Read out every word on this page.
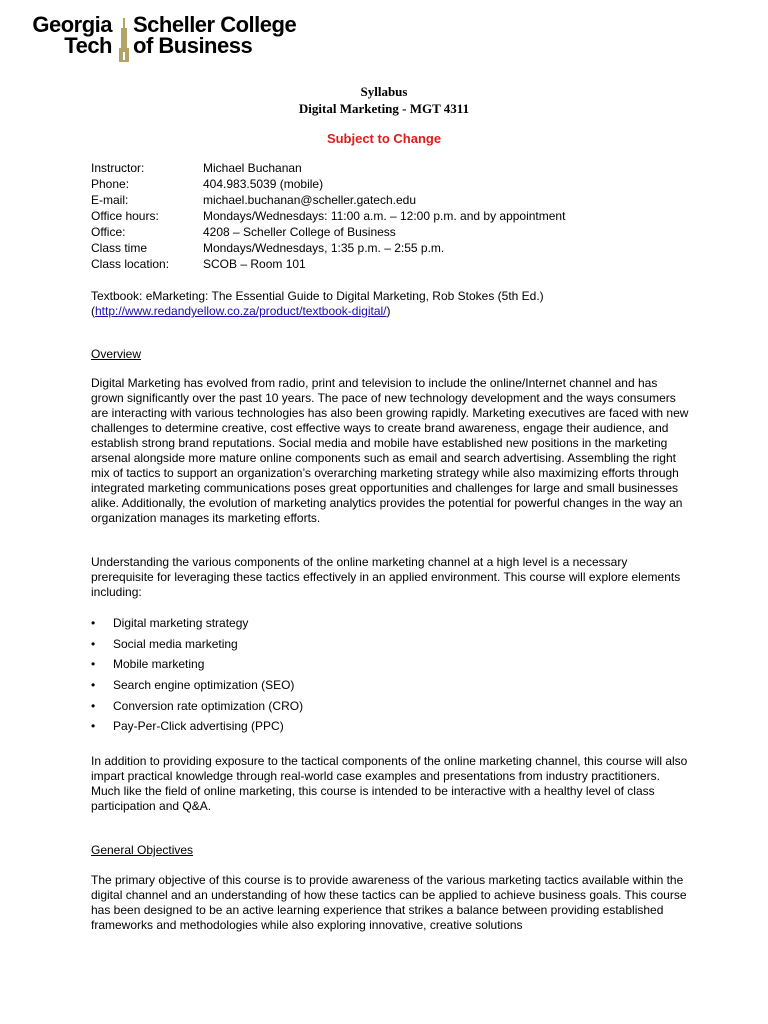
Georgia
Tech
Scheller College
of Business
Syllabus
Digital Marketing - MGT 4311
Subject to Change
Instructor:	Michael Buchanan
Phone:	404.983.5039 (mobile)
E-mail:	michael.buchanan@scheller.gatech.edu
Office hours:	Mondays/Wednesdays: 11:00 a.m. – 12:00 p.m. and by appointment
Office:	4208 – Scheller College of Business
Class time	Mondays/Wednesdays, 1:35 p.m. – 2:55 p.m.
Class location:	SCOB – Room 101
Textbook: eMarketing: The Essential Guide to Digital Marketing, Rob Stokes (5th Ed.)
(http://www.redandyellow.co.za/product/textbook-digital/)
Overview
Digital Marketing has evolved from radio, print and television to include the online/Internet channel and has grown significantly over the past 10 years. The pace of new technology development and the ways consumers are interacting with various technologies has also been growing rapidly. Marketing executives are faced with new challenges to determine creative, cost effective ways to create brand awareness, engage their audience, and establish strong brand reputations. Social media and mobile have established new positions in the marketing arsenal alongside more mature online components such as email and search advertising. Assembling the right mix of tactics to support an organization’s overarching marketing strategy while also maximizing efforts through integrated marketing communications poses great opportunities and challenges for large and small businesses alike. Additionally, the evolution of marketing analytics provides the potential for powerful changes in the way an organization manages its marketing efforts.
Understanding the various components of the online marketing channel at a high level is a necessary prerequisite for leveraging these tactics effectively in an applied environment. This course will explore elements including:
•	Digital marketing strategy
•	Social media marketing
•	Mobile marketing
•	Search engine optimization (SEO)
•	Conversion rate optimization (CRO)
•	Pay-Per-Click advertising (PPC)
In addition to providing exposure to the tactical components of the online marketing channel, this course will also impart practical knowledge through real-world case examples and presentations from industry practitioners. Much like the field of online marketing, this course is intended to be interactive with a healthy level of class participation and Q&A.
General Objectives
The primary objective of this course is to provide awareness of the various marketing tactics available within the digital channel and an understanding of how these tactics can be applied to achieve business goals. This course has been designed to be an active learning experience that strikes a balance between providing established frameworks and methodologies while also exploring innovative, creative solutions
